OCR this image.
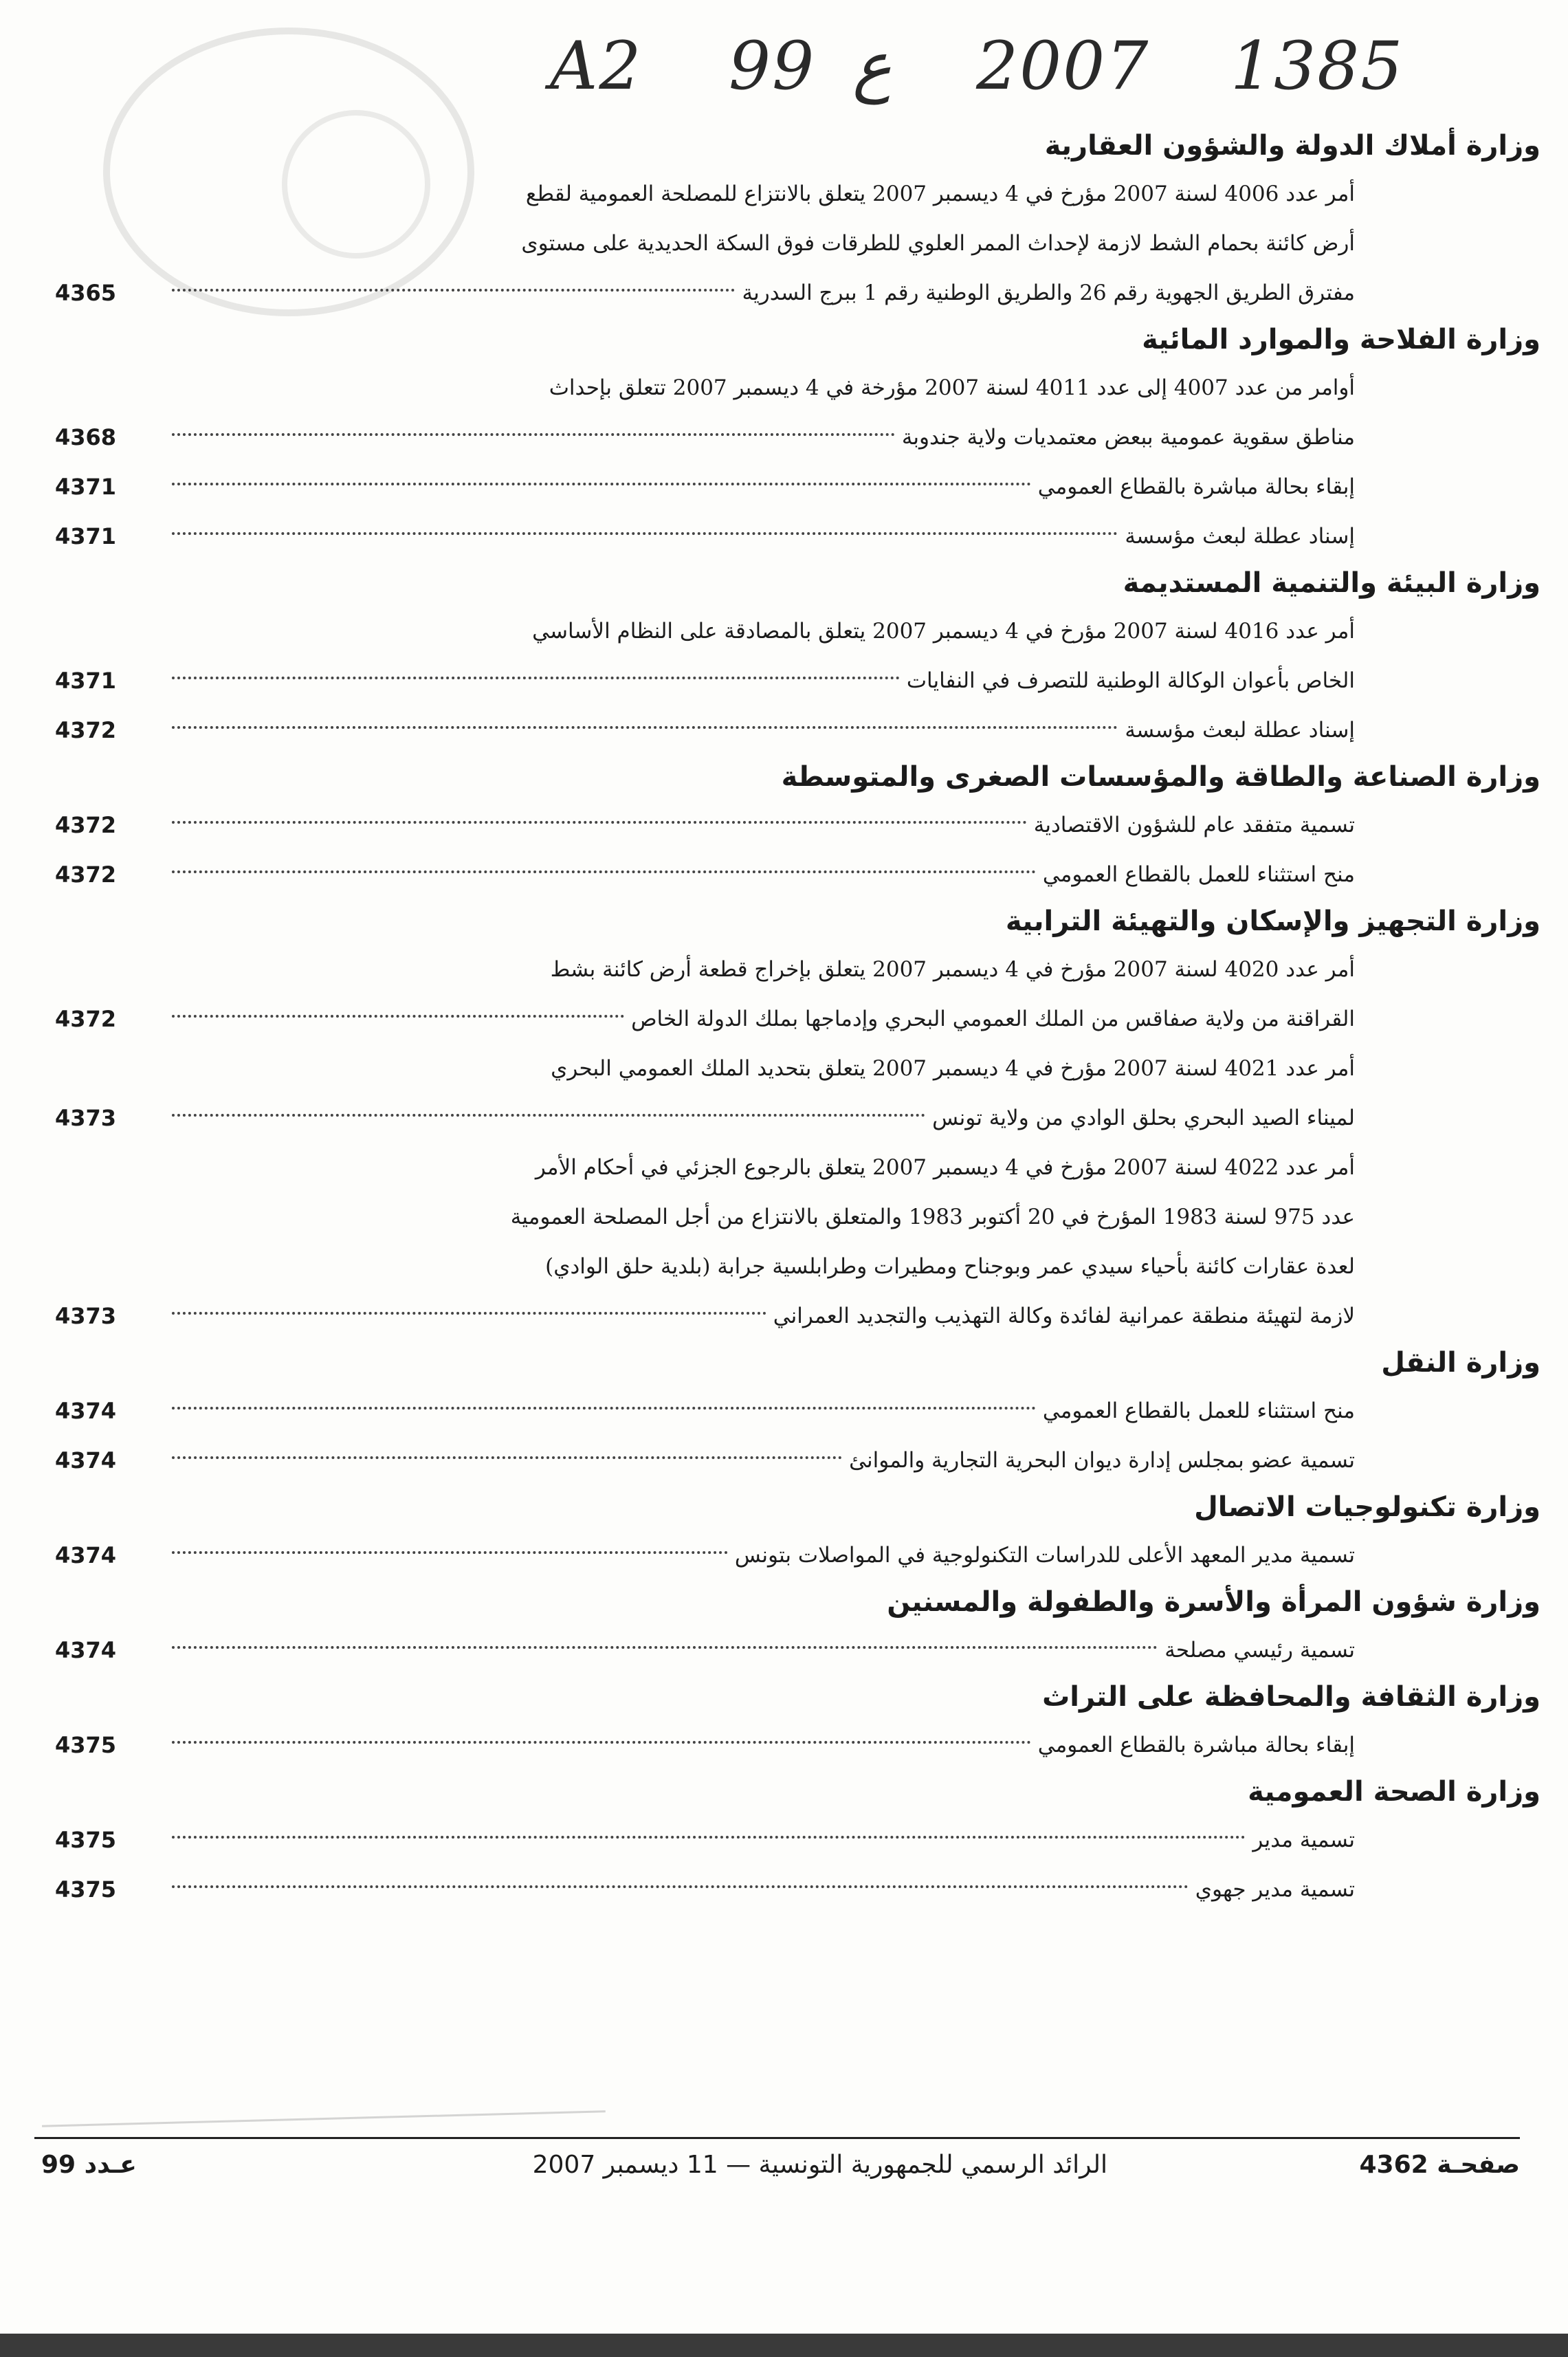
A2 99 ع 2007 1385
وزارة أملاك الدولة والشؤون العقارية
أمر عدد 4006 لسنة 2007 مؤرخ في 4 ديسمبر 2007 يتعلق بالانتزاع للمصلحة العمومية لقطع
أرض كائنة بحمام الشط لازمة لإحداث الممر العلوي للطرقات فوق السكة الحديدية على مستوى
مفترق الطريق الجهوية رقم 26 والطريق الوطنية رقم 1 ببرج السدرية
4365
وزارة الفلاحة والموارد المائية
أوامر من عدد 4007 إلى عدد 4011 لسنة 2007 مؤرخة في 4 ديسمبر 2007 تتعلق بإحداث
مناطق سقوية عمومية ببعض معتمديات ولاية جندوبة
4368
إبقاء بحالة مباشرة بالقطاع العمومي
4371
إسناد عطلة لبعث مؤسسة
4371
وزارة البيئة والتنمية المستديمة
أمر عدد 4016 لسنة 2007 مؤرخ في 4 ديسمبر 2007 يتعلق بالمصادقة على النظام الأساسي
الخاص بأعوان الوكالة الوطنية للتصرف في النفايات
4371
إسناد عطلة لبعث مؤسسة
4372
وزارة الصناعة والطاقة والمؤسسات الصغرى والمتوسطة
تسمية متفقد عام للشؤون الاقتصادية
4372
منح استثناء للعمل بالقطاع العمومي
4372
وزارة التجهيز والإسكان والتهيئة الترابية
أمر عدد 4020 لسنة 2007 مؤرخ في 4 ديسمبر 2007 يتعلق بإخراج قطعة أرض كائنة بشط
القراقنة من ولاية صفاقس من الملك العمومي البحري وإدماجها بملك الدولة الخاص
4372
أمر عدد 4021 لسنة 2007 مؤرخ في 4 ديسمبر 2007 يتعلق بتحديد الملك العمومي البحري
لميناء الصيد البحري بحلق الوادي من ولاية تونس
4373
أمر عدد 4022 لسنة 2007 مؤرخ في 4 ديسمبر 2007 يتعلق بالرجوع الجزئي في أحكام الأمر
عدد 975 لسنة 1983 المؤرخ في 20 أكتوبر 1983 والمتعلق بالانتزاع من أجل المصلحة العمومية
لعدة عقارات كائنة بأحياء سيدي عمر وبوجناح ومطيرات وطرابلسية جرابة (بلدية حلق الوادي)
لازمة لتهيئة منطقة عمرانية لفائدة وكالة التهذيب والتجديد العمراني
4373
وزارة النقل
منح استثناء للعمل بالقطاع العمومي
4374
تسمية عضو بمجلس إدارة ديوان البحرية التجارية والموانئ
4374
وزارة تكنولوجيات الاتصال
تسمية مدير المعهد الأعلى للدراسات التكنولوجية في المواصلات بتونس
4374
وزارة شؤون المرأة والأسرة والطفولة والمسنين
تسمية رئيسي مصلحة
4374
وزارة الثقافة والمحافظة على التراث
إبقاء بحالة مباشرة بالقطاع العمومي
4375
وزارة الصحة العمومية
تسمية مدير
4375
تسمية مدير جهوي
4375
صفحـة 4362
الرائد الرسمي للجمهورية التونسية — 11 ديسمبر 2007
عـدد 99
